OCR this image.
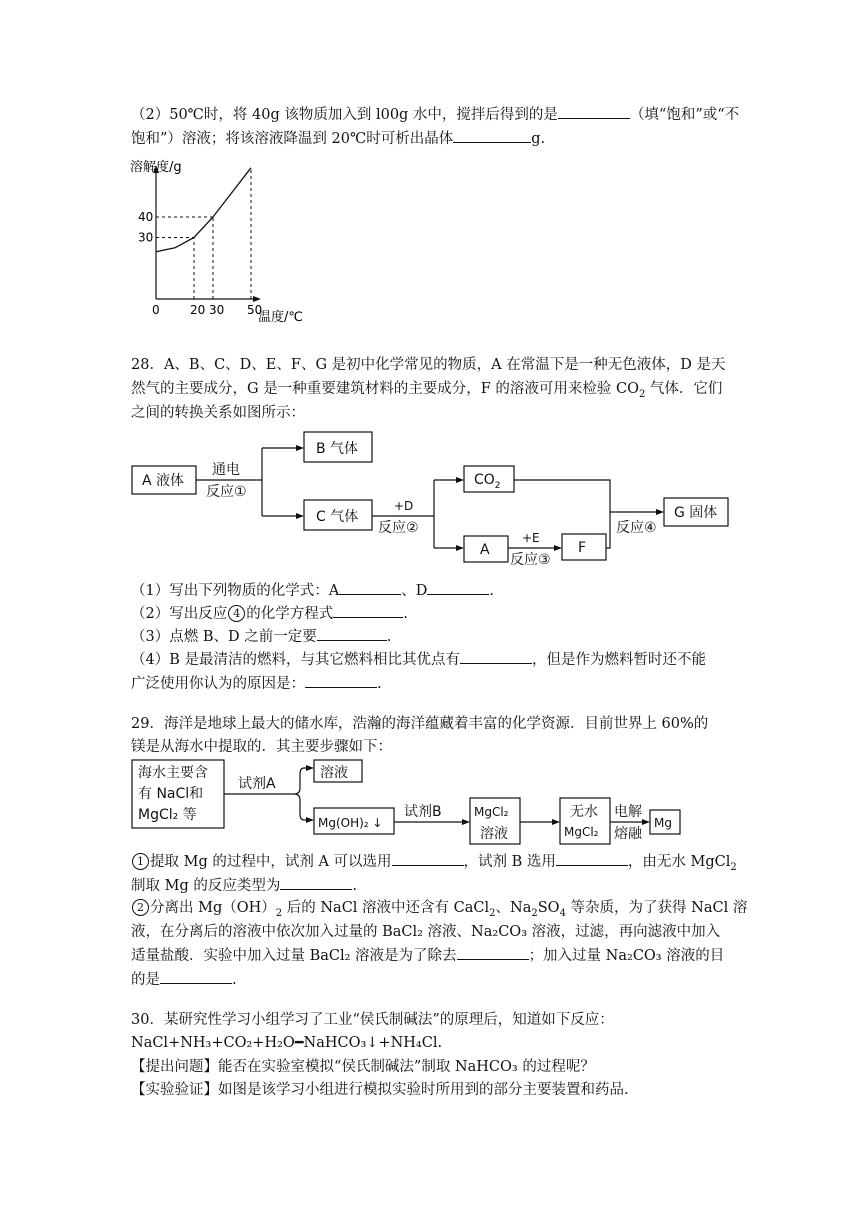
（2）50℃时，将 40g 该物质加入到 l00g 水中，搅拌后得到的是	（填“饱和”或“不
饱和”）溶液；将该溶液降温到 20℃时可析出晶体	g.
溶解度/g
温度/℃
0	20 30 50
40
30
28．A、B、C、D、E、F、G 是初中化学常见的物质，A 在常温下是一种无色液体，D 是天
然气的主要成分，G 是一种重要建筑材料的主要成分，F 的溶液可用来检验 $CO_2$ 气体．它们
之间的转换关系如图所示：
A 液体
B 气体
C 气体
$CO_2$
A	F
G 固体
通电
反应①
+D
反应②
+E
反应③
反应④
（1）写出下列物质的化学式：A	、D	.
（2）写出反应 4 的化学方程式	.
（3）点燃 B、D 之前一定要	.
（4）B 是最清洁的燃料，与其它燃料相比其优点有	，但是作为燃料暂时还不能
广泛使用你认为的原因是：	.
29．海洋是地球上最大的储水库，浩瀚的海洋蕴藏着丰富的化学资源．目前世界上 60%的
镁是从海水中提取的．其主要步骤如下：
海水主要含
有 NaCl和
MgCl₂ 等
试剂A
溶液
Mg(OH)₂ ↓
试剂B	MgCl₂
溶液
无水
MgCl₂
电解
熔融
Mg
1 提取 Mg 的过程中，试剂 A 可以选用	，试剂 B 选用	，由无水 MgCl$_2$
制取 Mg 的反应类型为	.
2 分离出 $Mg(OH)_2$ 后的 NaCl 溶液中还含有 CaCl$_2$、$Na_2SO_4$ 等杂质，为了获得 NaCl 溶
液，在分离后的溶液中依次加入过量的 BaCl₂ 溶液、Na₂CO₃ 溶液，过滤，再向滤液中加入
适量盐酸．实验中加入过量 BaCl₂ 溶液是为了除去	；加入过量 Na₂CO₃ 溶液的目
的是	.
30．某研究性学习小组学习了工业“侯氏制碱法”的原理后，知道如下反应：
NaCl+NH₃+CO₂+H₂O━NaHCO₃↓+NH₄Cl.
【提出问题】能否在实验室模拟“侯氏制碱法”制取 NaHCO₃ 的过程呢？
【实验验证】如图是该学习小组进行模拟实验时所用到的部分主要装置和药品.
